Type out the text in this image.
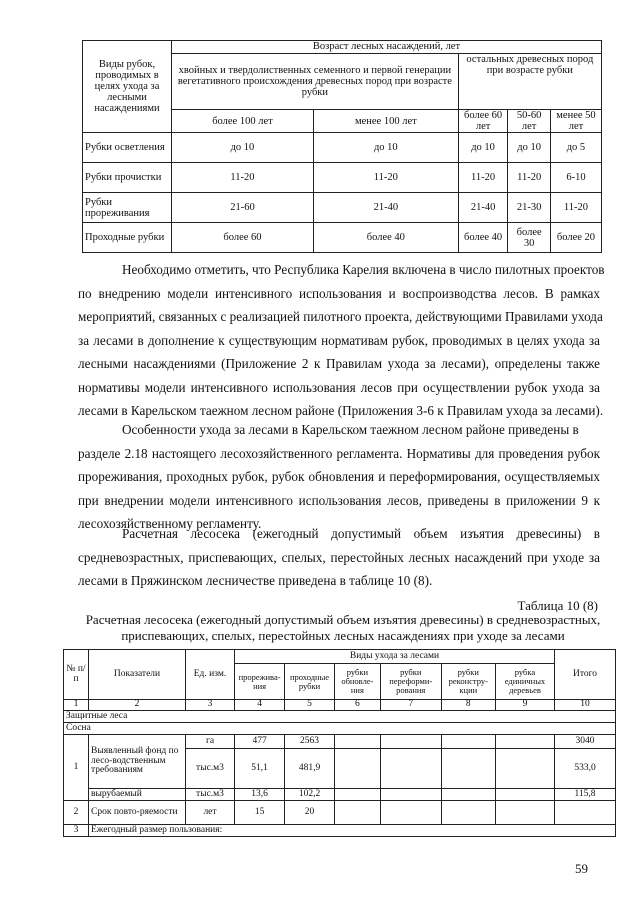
Виды рубок, проводимых в целях ухода за лесными насаждениями	Возраст лесных насаждений, лет				
	хвойных и твердолиственных семенного и первой генерации вегетативного происхождения древесных пород при возрасте рубки		остальных древесных пород при возрасте рубки		
	более 100 лет	менее 100 лет	более 60 лет	50-60 лет	менее 50 лет
Рубки осветления	до 10	до 10	до 10	до 10	до 5
Рубки прочистки	11-20	11-20	11-20	11-20	6-10
Рубки прореживания	21-60	21-40	21-40	21-30	11-20
Проходные рубки	более 60	более 40	более 40	более 30	более 20
Необходимо отметить, что Республика Карелия включена в число пилотных проектов
по внедрению модели интенсивного использования и воспроизводства лесов. В рамках
мероприятий, связанных с реализацией пилотного проекта, действующими Правилами ухода
за лесами в дополнение к существующим нормативам рубок, проводимых в целях ухода за
лесными насаждениями (Приложение 2 к Правилам ухода за лесами), определены также
нормативы модели интенсивного использования лесов при осуществлении рубок ухода за
лесами в Карельском таежном лесном районе (Приложения 3-6 к Правилам ухода за лесами).
Особенности ухода за лесами в Карельском таежном лесном районе приведены в
разделе 2.18 настоящего лесохозяйственного регламента. Нормативы для проведения рубок
прореживания, проходных рубок, рубок обновления и переформирования, осуществляемых
при внедрении модели интенсивного использования лесов, приведены в приложении 9 к
лесохозяйственному регламенту.
Расчетная лесосека (ежегодный допустимый объем изъятия древесины) в
средневозрастных, приспевающих, спелых, перестойных лесных насаждений при уходе за
лесами в Пряжинском лесничестве приведена в таблице 10 (8).
Таблица 10 (8)
Расчетная лесосека (ежегодный допустимый объем изъятия древесины) в средневозрастных,
приспевающих, спелых, перестойных лесных насаждениях при уходе за лесами
№ п/ п	Показатели	Ед. изм.	Виды ухода за лесами						Итого
			прорежива-ния	проходные рубки	рубки обновле-ния	рубки переформи-рования	рубки реконстру-кции	рубка единичных деревьев	
1	2	3	4	5	6	7	8	9	10
Защитные леса									
Сосна									
1	Выявленный фонд по лесо-водственным требованиям	га	477	2563					3040
		тыс.м3	51,1	481,9					533,0
	вырубаемый	тыс.м3	13,6	102,2					115,8
2	Срок повто-ряемости	лет	15	20					
3	Ежегодный размер пользования:								
59
